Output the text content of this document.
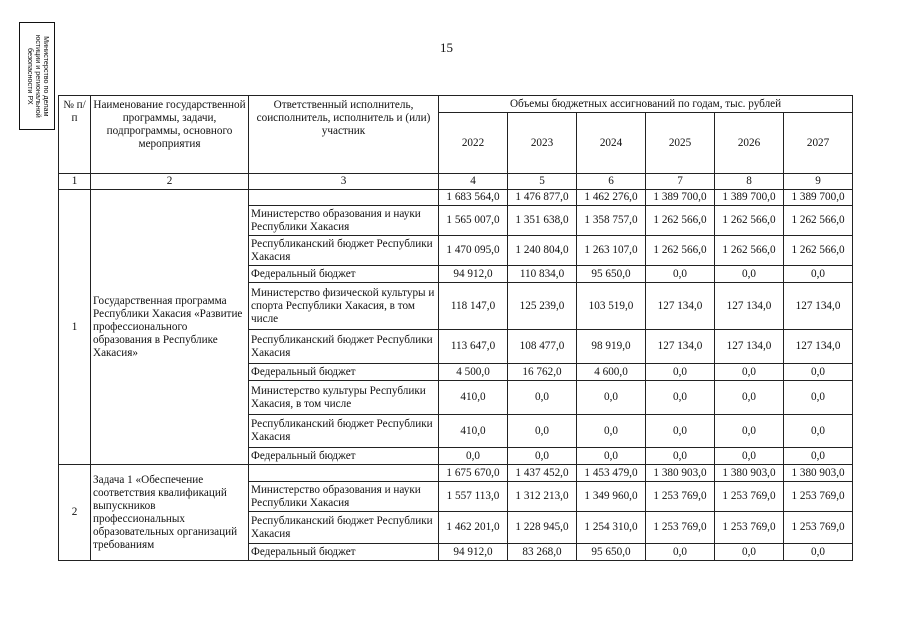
Министерство по делам
юстиции и региональной
безопасности РХ
15
№ п/п	Наименование государственной программы, задачи, подпрограммы, основного мероприятия	Ответственный исполнитель, соисполнитель, исполнитель и (или) участник	Объемы бюджетных ассигнований по годам, тыс. рублей					
			2022	2023	2024	2025	2026	2027
1	2	3	4	5	6	7	8	9
1	Государственная программа Республики Хакасия «Развитие профессионального образования в Республике Хакасия»		1 683 564,0	1 476 877,0	1 462 276,0	1 389 700,0	1 389 700,0	1 389 700,0
		Министерство образования и науки Республики Хакасия	1 565 007,0	1 351 638,0	1 358 757,0	1 262 566,0	1 262 566,0	1 262 566,0
		Республиканский бюджет Республики Хакасия	1 470 095,0	1 240 804,0	1 263 107,0	1 262 566,0	1 262 566,0	1 262 566,0
		Федеральный бюджет	94 912,0	110 834,0	95 650,0	0,0	0,0	0,0
		Министерство физической культуры и спорта Республики Хакасия, в том числе	118 147,0	125 239,0	103 519,0	127 134,0	127 134,0	127 134,0
		Республиканский бюджет Республики Хакасия	113 647,0	108 477,0	98 919,0	127 134,0	127 134,0	127 134,0
		Федеральный бюджет	4 500,0	16 762,0	4 600,0	0,0	0,0	0,0
		Министерство культуры Республики Хакасия, в том числе	410,0	0,0	0,0	0,0	0,0	0,0
		Республиканский бюджет Республики Хакасия	410,0	0,0	0,0	0,0	0,0	0,0
		Федеральный бюджет	0,0	0,0	0,0	0,0	0,0	0,0
2	Задача 1 «Обеспечение соответствия квалификаций выпускников профессиональных образовательных организаций требованиям		1 675 670,0	1 437 452,0	1 453 479,0	1 380 903,0	1 380 903,0	1 380 903,0
		Министерство образования и науки Республики Хакасия	1 557 113,0	1 312 213,0	1 349 960,0	1 253 769,0	1 253 769,0	1 253 769,0
		Республиканский бюджет Республики Хакасия	1 462 201,0	1 228 945,0	1 254 310,0	1 253 769,0	1 253 769,0	1 253 769,0
		Федеральный бюджет	94 912,0	83 268,0	95 650,0	0,0	0,0	0,0
